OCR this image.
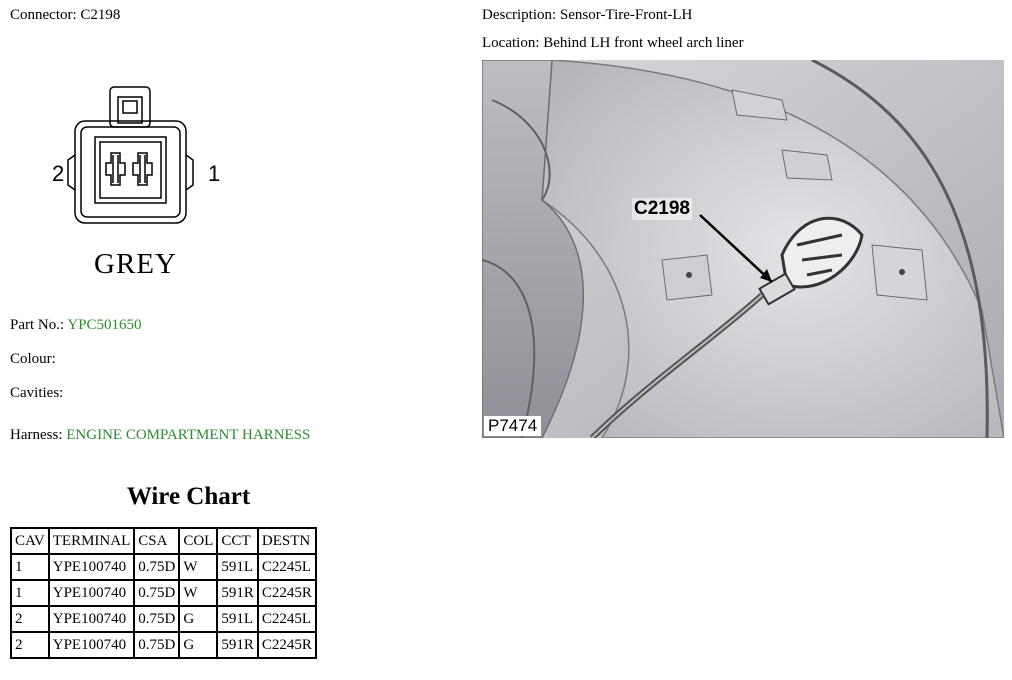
Connector: C2198	Description: Sensor-Tire-Front-LH
Location: Behind LH front wheel arch liner
2	1
GREY
Part No.: YPC501650
Colour:
Cavities:
Harness: ENGINE COMPARTMENT HARNESS
Wire Chart
CAV	TERMINAL	CSA	COL	CCT	DESTN
1	YPE100740	0.75D	W	591L	C2245L
1	YPE100740	0.75D	W	591R	C2245R
2	YPE100740	0.75D	G	591L	C2245L
2	YPE100740	0.75D	G	591R	C2245R
C2198
P7474
